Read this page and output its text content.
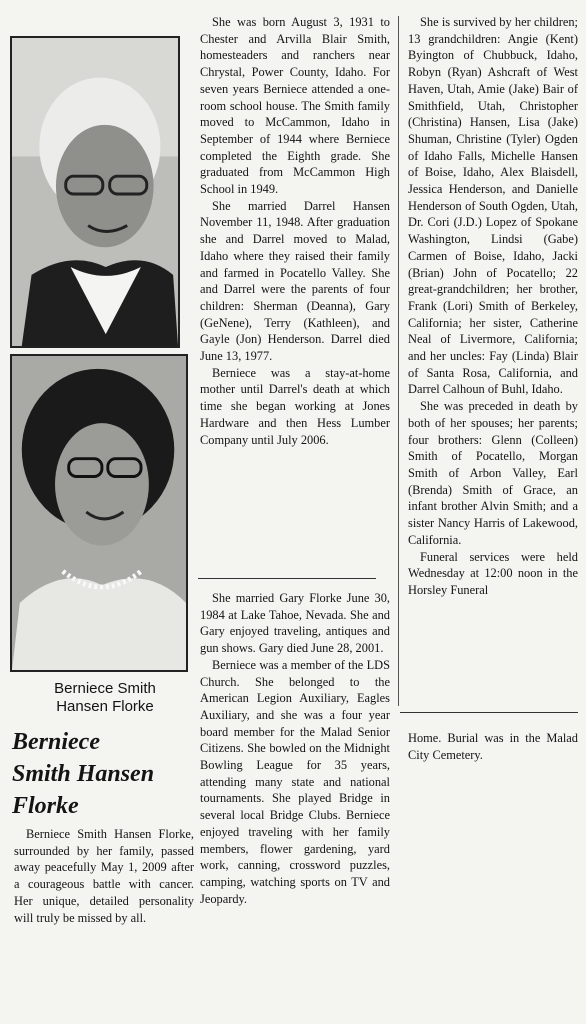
Berniece Smith
Hansen Florke
Berniece
Smith Hansen
Florke

Berniece Smith Hansen Florke, surrounded by her family, passed away peacefully May 1, 2009 after a courageous battle with cancer. Her unique, detailed personality will truly be missed by all.

She was born August 3, 1931 to Chester and Arvilla Blair Smith, homesteaders and ranchers near Chrystal, Power County, Idaho. For seven years Berniece attended a one-room school house. The Smith family moved to McCammon, Idaho in September of 1944 where Berniece completed the Eighth grade. She graduated from McCammon High School in 1949.

She married Darrel Hansen November 11, 1948. After graduation she and Darrel moved to Malad, Idaho where they raised their family and farmed in Pocatello Valley. She and Darrel were the parents of four children: Sherman (Deanna), Gary (GeNene), Terry (Kathleen), and Gayle (Jon) Henderson. Darrel died June 13, 1977.

Berniece was a stay-at-home mother until Darrel's death at which time she began working at Jones Hardware and then Hess Lumber Company until July 2006.

She married Gary Florke June 30, 1984 at Lake Tahoe, Nevada. She and Gary enjoyed traveling, antiques and gun shows. Gary died June 28, 2001.

Berniece was a member of the LDS Church. She belonged to the American Legion Auxiliary, Eagles Auxiliary, and she was a four year board member for the Malad Senior Citizens. She bowled on the Midnight Bowling League for 35 years, attending many state and national tournaments. She played Bridge in several local Bridge Clubs. Berniece enjoyed traveling with her family members, flower gardening, yard work, canning, crossword puzzles, camping, watching sports on TV and Jeopardy.

She is survived by her children; 13 grandchildren: Angie (Kent) Byington of Chubbuck, Idaho, Robyn (Ryan) Ashcraft of West Haven, Utah, Amie (Jake) Bair of Smithfield, Utah, Christopher (Christina) Hansen, Lisa (Jake) Shuman, Christine (Tyler) Ogden of Idaho Falls, Michelle Hansen of Boise, Idaho, Alex Blaisdell, Jessica Henderson, and Danielle Henderson of South Ogden, Utah, Dr. Cori (J.D.) Lopez of Spokane Washington, Lindsi (Gabe) Carmen of Boise, Idaho, Jacki (Brian) John of Pocatello; 22 great-grandchildren; her brother, Frank (Lori) Smith of Berkeley, California; her sister, Catherine Neal of Livermore, California; and her uncles: Fay (Linda) Blair of Santa Rosa, California, and Darrel Calhoun of Buhl, Idaho.

She was preceded in death by both of her spouses; her parents; four brothers: Glenn (Colleen) Smith of Pocatello, Morgan Smith of Arbon Valley, Earl (Brenda) Smith of Grace, an infant brother Alvin Smith; and a sister Nancy Harris of Lakewood, California.

Funeral services were held Wednesday at 12:00 noon in the Horsley Funeral

Home. Burial was in the Malad City Cemetery.
